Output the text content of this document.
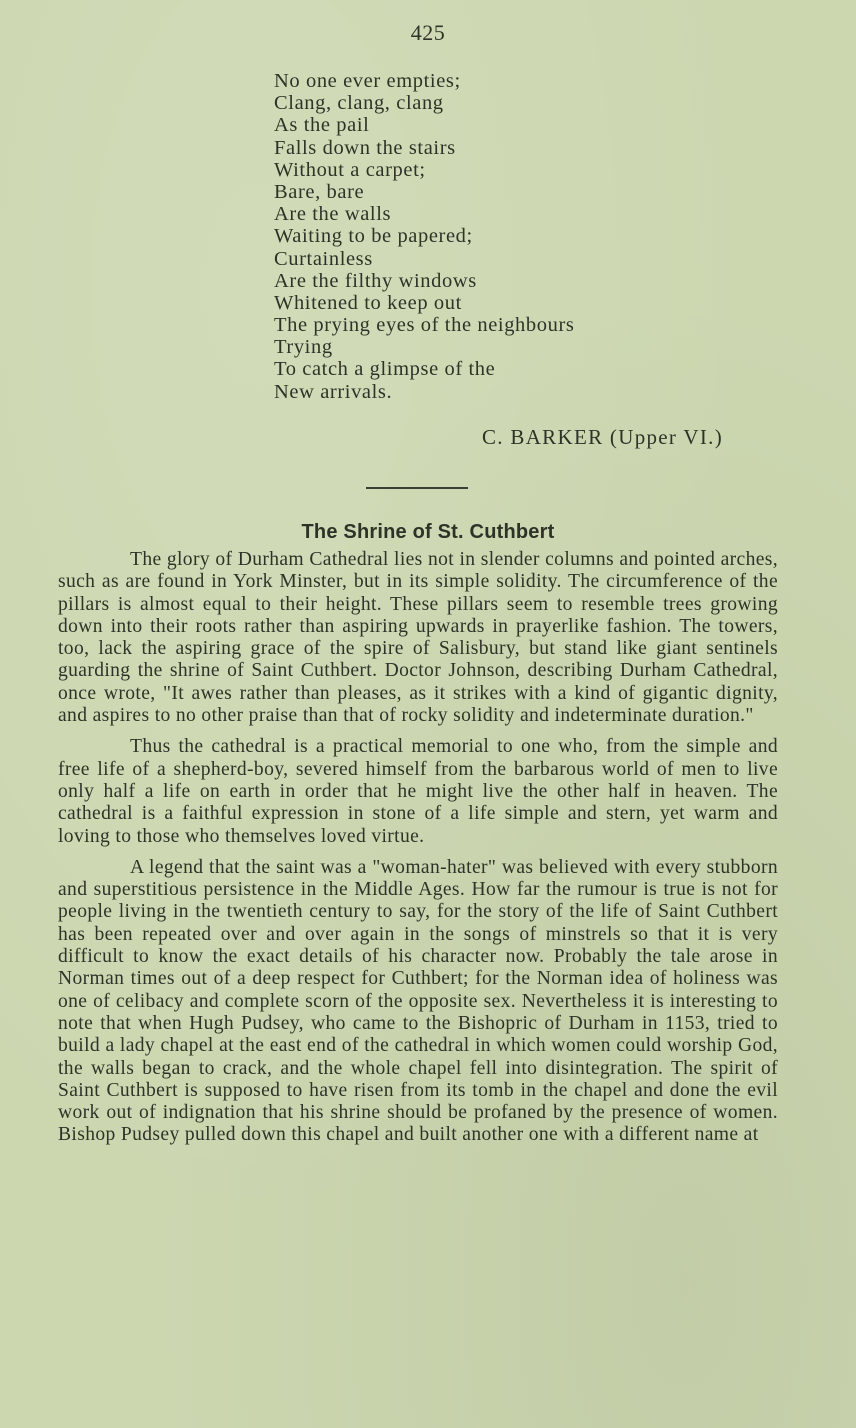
425
No one ever empties;
Clang, clang, clang
As the pail
Falls down the stairs
Without a carpet;
Bare, bare
Are the walls
Waiting to be papered;
Curtainless
Are the filthy windows
Whitened to keep out
The prying eyes of the neighbours
Trying
To catch a glimpse of the
New arrivals.
C. BARKER (Upper VI.)
The Shrine of St. Cuthbert

The glory of Durham Cathedral lies not in slender columns and pointed arches, such as are found in York Minster, but in its simple solidity. The circumference of the pillars is almost equal to their height. These pillars seem to resemble trees growing down into their roots rather than aspiring upwards in prayerlike fashion. The towers, too, lack the aspiring grace of the spire of Salisbury, but stand like giant sentinels guarding the shrine of Saint Cuthbert. Doctor Johnson, describing Durham Cathedral, once wrote, "It awes rather than pleases, as it strikes with a kind of gigantic dignity, and aspires to no other praise than that of rocky solidity and indeterminate duration."

Thus the cathedral is a practical memorial to one who, from the simple and free life of a shepherd-boy, severed himself from the barbarous world of men to live only half a life on earth in order that he might live the other half in heaven. The cathedral is a faithful expression in stone of a life simple and stern, yet warm and loving to those who themselves loved virtue.

A legend that the saint was a "woman-hater" was believed with every stubborn and superstitious persistence in the Middle Ages. How far the rumour is true is not for people living in the twentieth century to say, for the story of the life of Saint Cuthbert has been repeated over and over again in the songs of minstrels so that it is very difficult to know the exact details of his character now. Probably the tale arose in Norman times out of a deep respect for Cuthbert; for the Norman idea of holiness was one of celibacy and complete scorn of the opposite sex. Nevertheless it is interesting to note that when Hugh Pudsey, who came to the Bishopric of Durham in 1153, tried to build a lady chapel at the east end of the cathedral in which women could worship God, the walls began to crack, and the whole chapel fell into disintegration. The spirit of Saint Cuthbert is supposed to have risen from its tomb in the chapel and done the evil work out of indignation that his shrine should be profaned by the presence of women. Bishop Pudsey pulled down this chapel and built another one with a different name at
